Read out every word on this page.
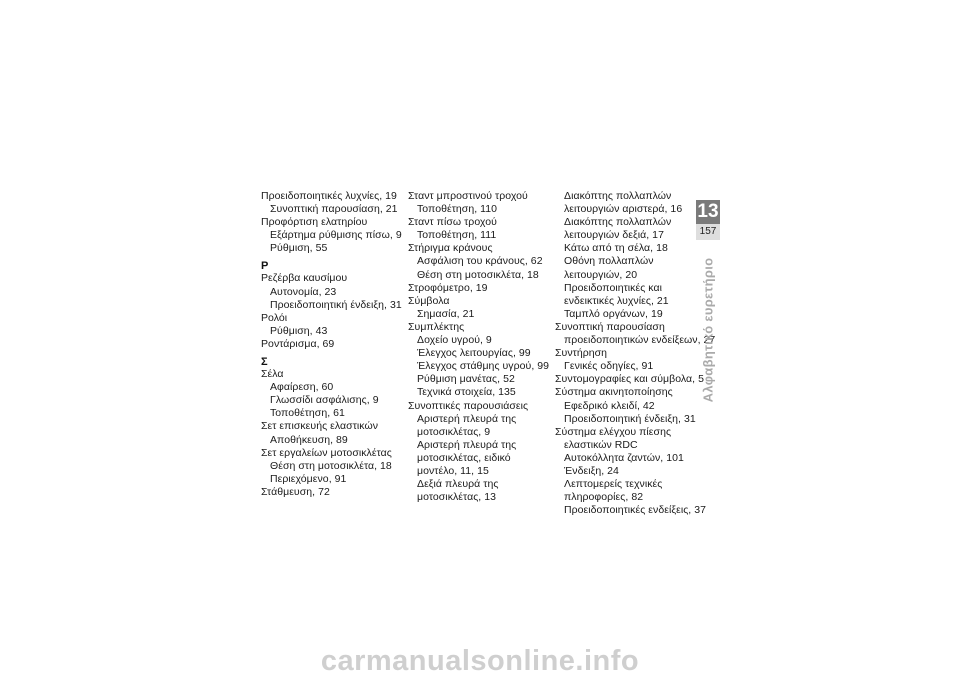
Προειδοποιητικές λυχνίες, 19
Συνοπτική παρουσίαση, 21
Προφόρτιση ελατηρίου
Εξάρτημα ρύθμισης πίσω, 9
Ρύθμιση, 55
Ρ
Ρεζέρβα καυσίμου
Αυτονομία, 23
Προειδοποιητική ένδειξη, 31
Ρολόι
Ρύθμιση, 43
Ροντάρισμα, 69
Σ
Σέλα
Αφαίρεση, 60
Γλωσσίδι ασφάλισης, 9
Τοποθέτηση, 61
Σετ επισκευής ελαστικών
Αποθήκευση, 89
Σετ εργαλείων μοτοσικλέτας
Θέση στη μοτοσικλέτα, 18
Περιεχόμενο, 91
Στάθμευση, 72
Σταντ μπροστινού τροχού
Τοποθέτηση, 110
Σταντ πίσω τροχού
Τοποθέτηση, 111
Στήριγμα κράνους
Ασφάλιση του κράνους, 62
Θέση στη μοτοσικλέτα, 18
Στροφόμετρο, 19
Σύμβολα
Σημασία, 21
Συμπλέκτης
Δοχείο υγρού, 9
Έλεγχος λειτουργίας, 99
Έλεγχος στάθμης υγρού, 99
Ρύθμιση μανέτας, 52
Τεχνικά στοιχεία, 135
Συνοπτικές παρουσιάσεις
Αριστερή πλευρά της
μοτοσικλέτας, 9
Αριστερή πλευρά της
μοτοσικλέτας, ειδικό
μοντέλο, 11, 15
Δεξιά πλευρά της
μοτοσικλέτας, 13
Διακόπτης πολλαπλών
λειτουργιών αριστερά, 16
Διακόπτης πολλαπλών
λειτουργιών δεξιά, 17
Κάτω από τη σέλα, 18
Οθόνη πολλαπλών
λειτουργιών, 20
Προειδοποιητικές και
ενδεικτικές λυχνίες, 21
Ταμπλό οργάνων, 19
Συνοπτική παρουσίαση
προειδοποιητικών ενδείξεων, 27
Συντήρηση
Γενικές οδηγίες, 91
Συντομογραφίες και σύμβολα, 5
Σύστημα ακινητοποίησης
Εφεδρικό κλειδί, 42
Προειδοποιητική ένδειξη, 31
Σύστημα ελέγχου πίεσης
ελαστικών RDC
Αυτοκόλλητα ζαντών, 101
Ένδειξη, 24
Λεπτομερείς τεχνικές
πληροφορίες, 82
Προειδοποιητικές ενδείξεις, 37
13
157
Αλφαβητικό ευρετήριο
carmanualsonline.info
